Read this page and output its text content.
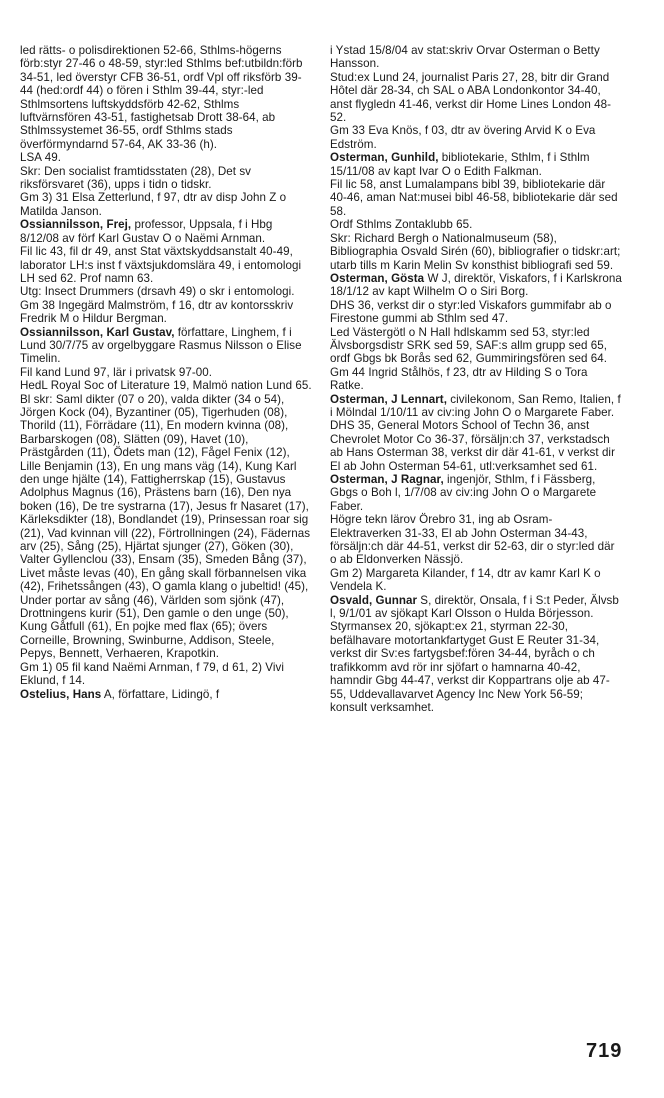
led rätts- o polisdirektionen 52-66, Sthlms-högerns förb:styr 27-46 o 48-59, styr:led Sthlms bef:utbildn:förb 34-51, led överstyr CFB 36-51, ordf Vpl off riksförb 39-44 (hed:ordf 44) o fören i Sthlm 39-44, styr:-led Sthlmsortens luftskyddsförb 42-62, Sthlms luftvärnsfören 43-51, fastighetsab Drott 38-64, ab Sthlmssystemet 36-55, ordf Sthlms stads överförmyndarnd 57-64, AK 33-36 (h).

LSA 49.

Skr: Den socialist framtidsstaten (28), Det sv riksförsvaret (36), upps i tidn o tidskr.

Gm 3) 31 Elsa Zetterlund, f 97, dtr av disp John Z o Matilda Janson.

Ossiannilsson, Frej, professor, Uppsala, f i Hbg 8/12/08 av förf Karl Gustav O o Naëmi Arnman.

Fil lic 43, fil dr 49, anst Stat växtskyddsanstalt 40-49, laborator LH:s inst f växtsjukdomslära 49, i entomologi LH sed 62. Prof namn 63.

Utg: Insect Drummers (drsavh 49) o skr i entomologi.

Gm 38 Ingegärd Malmström, f 16, dtr av kontorsskriv Fredrik M o Hildur Bergman.

Ossiannilsson, Karl Gustav, författare, Linghem, f i Lund 30/7/75 av orgelbyggare Rasmus Nilsson o Elise Timelin.

Fil kand Lund 97, lär i privatsk 97-00.

HedL Royal Soc of Literature 19, Malmö nation Lund 65.

Bl skr: Saml dikter (07 o 20), valda dikter (34 o 54), Jörgen Kock (04), Byzantiner (05), Tigerhuden (08), Thorild (11), Förrädare (11), En modern kvinna (08), Barbarskogen (08), Slätten (09), Havet (10), Prästgården (11), Ödets man (12), Fågel Fenix (12), Lille Benjamin (13), En ung mans väg (14), Kung Karl den unge hjälte (14), Fattigherrskap (15), Gustavus Adolphus Magnus (16), Prästens barn (16), Den nya boken (16), De tre systrarna (17), Jesus fr Nasaret (17), Kärleksdikter (18), Bondlandet (19), Prinsessan roar sig (21), Vad kvinnan vill (22), Förtrollningen (24), Fädernas arv (25), Sång (25), Hjärtat sjunger (27), Göken (30), Valter Gyllenclou (33), Ensam (35), Smeden Bång (37), Livet måste levas (40), En gång skall förbannelsen vika (42), Frihetssången (43), O gamla klang o jubeltid! (45), Under portar av sång (46), Världen som sjönk (47), Drottningens kurir (51), Den gamle o den unge (50), Kung Gåtfull (61), En pojke med flax (65); övers Corneille, Browning, Swinburne, Addison, Steele, Pepys, Bennett, Verhaeren, Krapotkin.

Gm 1) 05 fil kand Naëmi Arnman, f 79, d 61, 2) Vivi Eklund, f 14.

Ostelius, Hans A, författare, Lidingö, f

i Ystad 15/8/04 av stat:skriv Orvar Osterman o Betty Hansson.

Stud:ex Lund 24, journalist Paris 27, 28, bitr dir Grand Hôtel där 28-34, ch SAL o ABA Londonkontor 34-40, anst flygledn 41-46, verkst dir Home Lines London 48-52.

Gm 33 Eva Knös, f 03, dtr av övering Arvid K o Eva Edström.

Osterman, Gunhild, bibliotekarie, Sthlm, f i Sthlm 15/11/08 av kapt Ivar O o Edith Falkman.

Fil lic 58, anst Lumalampans bibl 39, bibliotekarie där 40-46, aman Nat:musei bibl 46-58, bibliotekarie där sed 58.

Ordf Sthlms Zontaklubb 65.

Skr: Richard Bergh o Nationalmuseum (58), Bibliographia Osvald Sirén (60), bibliografier o tidskr:art; utarb tills m Karin Melin Sv konsthist bibliografi sed 59.

Osterman, Gösta W J, direktör, Viskafors, f i Karlskrona 18/1/12 av kapt Wilhelm O o Siri Borg.

DHS 36, verkst dir o styr:led Viskafors gummifabr ab o Firestone gummi ab Sthlm sed 47.

Led Västergötl o N Hall hdlskamm sed 53, styr:led Älvsborgsdistr SRK sed 59, SAF:s allm grupp sed 65, ordf Gbgs bk Borås sed 62, Gummiringsfören sed 64.

Gm 44 Ingrid Stålhös, f 23, dtr av Hilding S o Tora Ratke.

Osterman, J Lennart, civilekonom, San Remo, Italien, f i Mölndal 1/10/11 av civ:ing John O o Margarete Faber.

DHS 35, General Motors School of Techn 36, anst Chevrolet Motor Co 36-37, försäljn:ch 37, verkstadsch ab Hans Osterman 38, verkst dir där 41-61, v verkst dir El ab John Osterman 54-61, utl:verksamhet sed 61.

Osterman, J Ragnar, ingenjör, Sthlm, f i Fässberg, Gbgs o Boh l, 1/7/08 av civ:ing John O o Margarete Faber.

Högre tekn lärov Örebro 31, ing ab Osram-Elektraverken 31-33, El ab John Osterman 34-43, försäljn:ch där 44-51, verkst dir 52-63, dir o styr:led där o ab Eldonverken Nässjö.

Gm 2) Margareta Kilander, f 14, dtr av kamr Karl K o Vendela K.

Osvald, Gunnar S, direktör, Onsala, f i S:t Peder, Älvsb l, 9/1/01 av sjökapt Karl Olsson o Hulda Börjesson.

Styrmansex 20, sjökapt:ex 21, styrman 22-30, befälhavare motortankfartyget Gust E Reuter 31-34, verkst dir Sv:es fartygsbef:fören 34-44, byråch o ch trafikkomm avd rör inr sjöfart o hamnarna 40-42, hamndir Gbg 44-47, verkst dir Koppartrans olje ab 47-55, Uddevallavarvet Agency Inc New York 56-59; konsult verksamhet.

719
